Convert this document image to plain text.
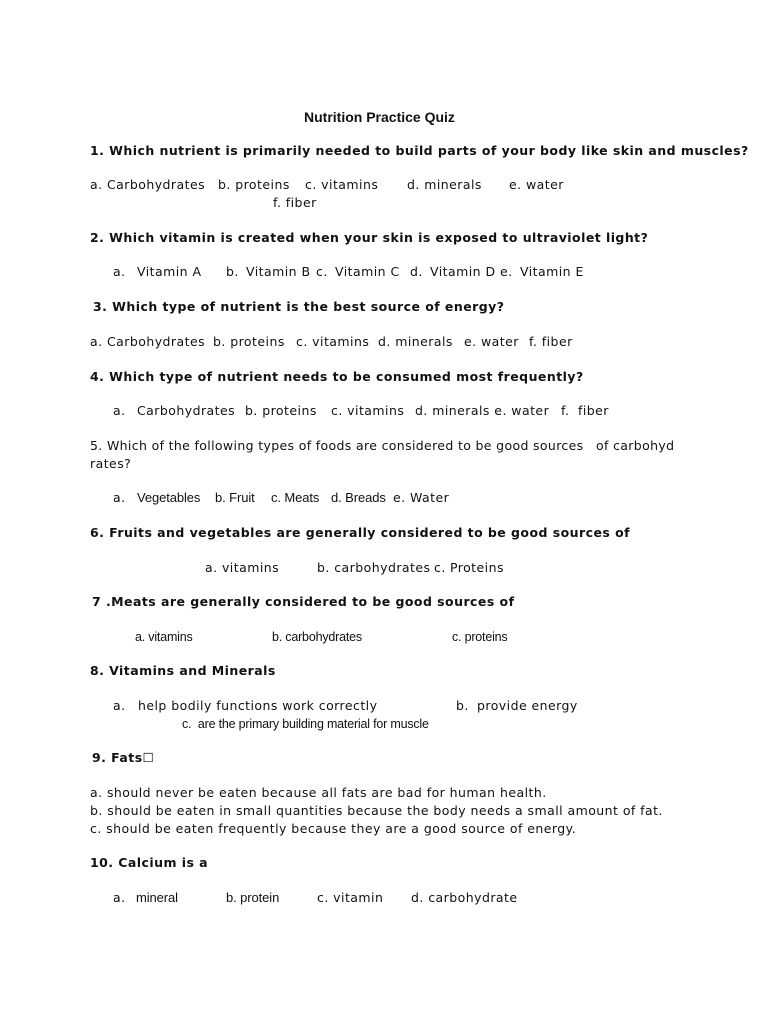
Nutrition Practice Quiz
1. Which nutrient is primarily needed to build parts of your body like skin and muscles?
a. Carbohydrates b. proteins c. vitamins d. minerals e. water
f. fiber
2. Which vitamin is created when your skin is exposed to ultraviolet light?
a. Vitamin A b. Vitamin B c. Vitamin C d. Vitamin D e. Vitamin E
3. Which type of nutrient is the best source of energy?
a. Carbohydrates b. proteins c. vitamins d. minerals e. water f. fiber
4. Which type of nutrient needs to be consumed most frequently?
a. Carbohydrates b. proteins c. vitamins d. minerals e. water f. fiber
5. Which of the following types of foods are considered to be good sources of carbohyd
rates?
a. Vegetables b. Fruit c. Meats d. Breads e. Water
6. Fruits and vegetables are generally considered to be good sources of
a. vitamins	b. carbohydrates c. Proteins
7 .Meats are generally considered to be good sources of
a. vitamins	b. carbohydrates	c. proteins
8. Vitamins and Minerals
a. help bodily functions work correctly	b. provide energy
c.  are the primary building material for muscle
9. Fats☐
a. should never be eaten because all fats are bad for human health.
b. should be eaten in small quantities because the body needs a small amount of fat.
c. should be eaten frequently because they are a good source of energy.
10. Calcium is a
a. mineral	b. protein	c. vitamin d. carbohydrate
